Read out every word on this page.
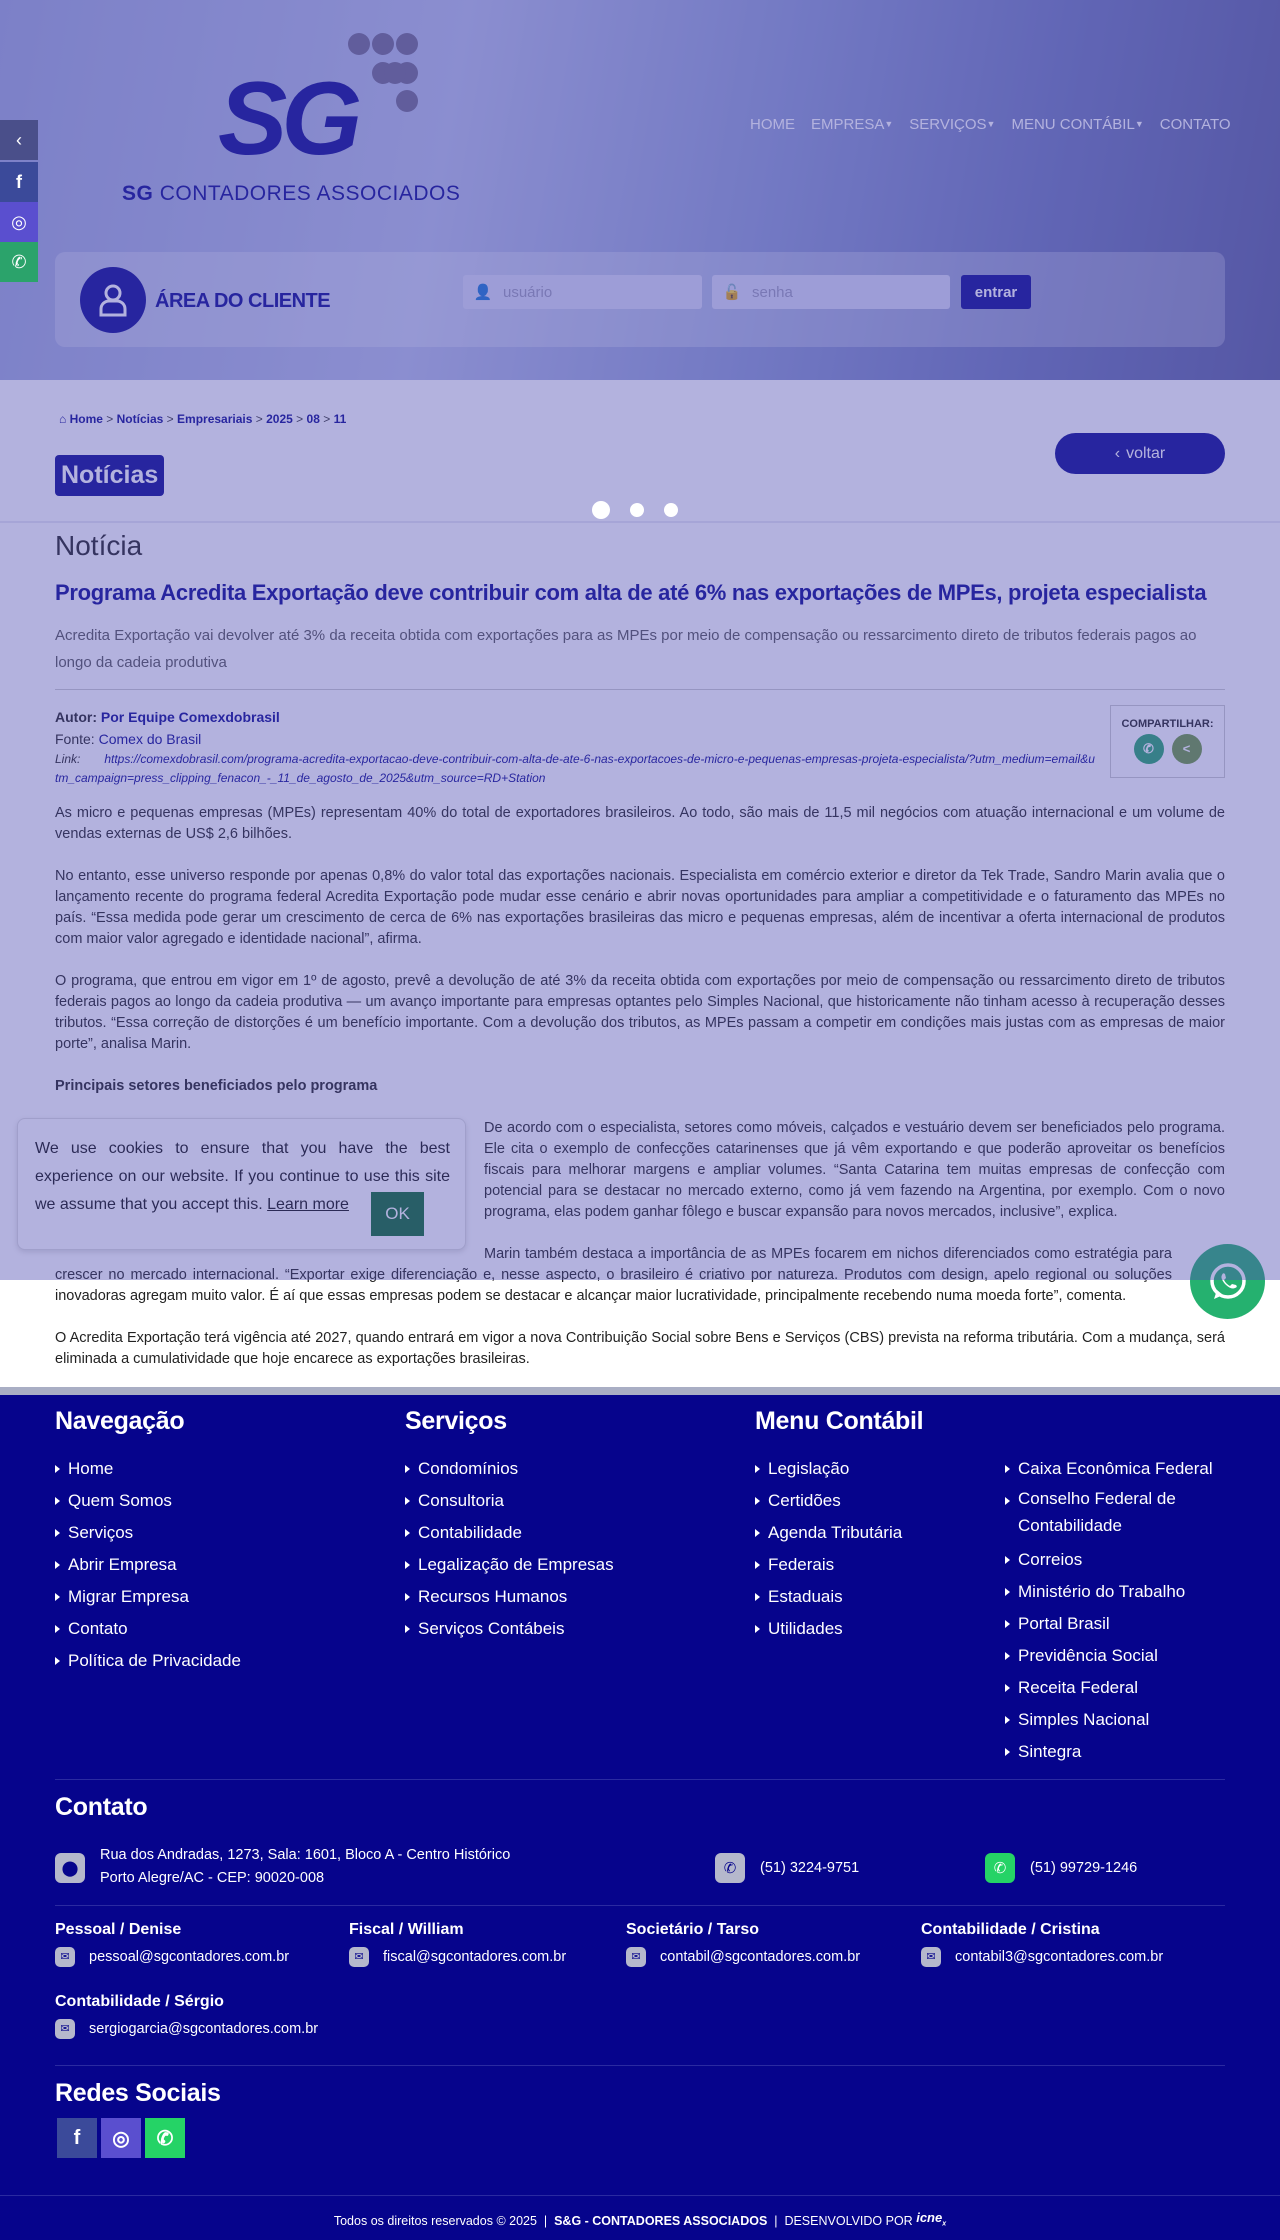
SG
SG CONTADORES ASSOCIADOS
HOME EMPRESA▼ SERVIÇOS▼ MENU CONTÁBIL▼ CONTATO
ÁREA DO CLIENTE	👤 usuário	🔓 senha	entrar
‹
f
◎
✆
⌂ Home > Notícias > Empresariais > 2025 > 08 > 11
Notícias
‹ voltar
Notícia
Programa Acredita Exportação deve contribuir com alta de até 6% nas exportações de MPEs, projeta especialista

Acredita Exportação vai devolver até 3% da receita obtida com exportações para as MPEs por meio de compensação ou ressarcimento direto de tributos federais pagos ao longo da cadeia produtiva

Autor: Por Equipe Comexdobrasil
Fonte: Comex do Brasil
Link: https://comexdobrasil.com/programa-acredita-exportacao-deve-contribuir-com-alta-de-ate-6-nas-exportacoes-de-micro-e-pequenas-empresas-projeta-especialista/?utm_medium=email&utm_campaign=press_clipping_fenacon_-_11_de_agosto_de_2025&utm_source=RD+Station
COMPARTILHAR:
✆ <

As micro e pequenas empresas (MPEs) representam 40% do total de exportadores brasileiros. Ao todo, são mais de 11,5 mil negócios com atuação internacional e um volume de vendas externas de US$ 2,6 bilhões.

No entanto, esse universo responde por apenas 0,8% do valor total das exportações nacionais. Especialista em comércio exterior e diretor da Tek Trade, Sandro Marin avalia que o lançamento recente do programa federal Acredita Exportação pode mudar esse cenário e abrir novas oportunidades para ampliar a competitividade e o faturamento das MPEs no país. “Essa medida pode gerar um crescimento de cerca de 6% nas exportações brasileiras das micro e pequenas empresas, além de incentivar a oferta internacional de produtos com maior valor agregado e identidade nacional”, afirma.

O programa, que entrou em vigor em 1º de agosto, prevê a devolução de até 3% da receita obtida com exportações por meio de compensação ou ressarcimento direto de tributos federais pagos ao longo da cadeia produtiva — um avanço importante para empresas optantes pelo Simples Nacional, que historicamente não tinham acesso à recuperação desses tributos. “Essa correção de distorções é um benefício importante. Com a devolução dos tributos, as MPEs passam a competir em condições mais justas com as empresas de maior porte”, analisa Marin.

Principais setores beneficiados pelo programa

We use cookies to ensure that you have the best experience on our website. If you continue to use this site we assume that you accept this. Learn more	OK

De acordo com o especialista, setores como móveis, calçados e vestuário devem ser beneficiados pelo programa. Ele cita o exemplo de confecções catarinenses que já vêm exportando e que poderão aproveitar os benefícios fiscais para melhorar margens e ampliar volumes. “Santa Catarina tem muitas empresas de confecção com potencial para se destacar no mercado externo, como já vem fazendo na Argentina, por exemplo. Com o novo programa, elas podem ganhar fôlego e buscar expansão para novos mercados, inclusive”, explica.

Marin também destaca a importância de as MPEs focarem em nichos diferenciados como estratégia para crescer no mercado internacional. “Exportar exige diferenciação e, nesse aspecto, o brasileiro é criativo por natureza. Produtos com design, apelo regional ou soluções inovadoras agregam muito valor. É aí que essas empresas podem se destacar e alcançar maior lucratividade, principalmente recebendo numa moeda forte”, comenta.

O Acredita Exportação terá vigência até 2027, quando entrará em vigor a nova Contribuição Social sobre Bens e Serviços (CBS) prevista na reforma tributária. Com a mudança, será eliminada a cumulatividade que hoje encarece as exportações brasileiras.

Navegação
Home
Quem Somos
Serviços
Abrir Empresa
Migrar Empresa
Contato
Política de Privacidade
Serviços
Condomínios
Consultoria
Contabilidade
Legalização de Empresas
Recursos Humanos
Serviços Contábeis
Menu Contábil
Legislação
Certidões
Agenda Tributária
Federais
Estaduais
Utilidades
Caixa Econômica Federal
Conselho Federal de Contabilidade
Correios
Ministério do Trabalho
Portal Brasil
Previdência Social
Receita Federal
Simples Nacional
Sintegra
Contato
⬤
Rua dos Andradas, 1273, Sala: 1601, Bloco A - Centro Histórico
Porto Alegre/AC - CEP: 90020-008
✆	(51) 3224-9751	✆	(51) 99729-1246
Pessoal / Denise
✉	pessoal@sgcontadores.com.br
Fiscal / William
✉	fiscal@sgcontadores.com.br
Societário / Tarso
✉	contabil@sgcontadores.com.br
Contabilidade / Cristina
✉	contabil3@sgcontadores.com.br
Contabilidade / Sérgio
✉	sergiogarcia@sgcontadores.com.br
Redes Sociais
f	◎	✆
Todos os direitos reservados © 2025  |  S&G - CONTADORES ASSOCIADOS  |  DESENVOLVIDO POR icne$_x$
